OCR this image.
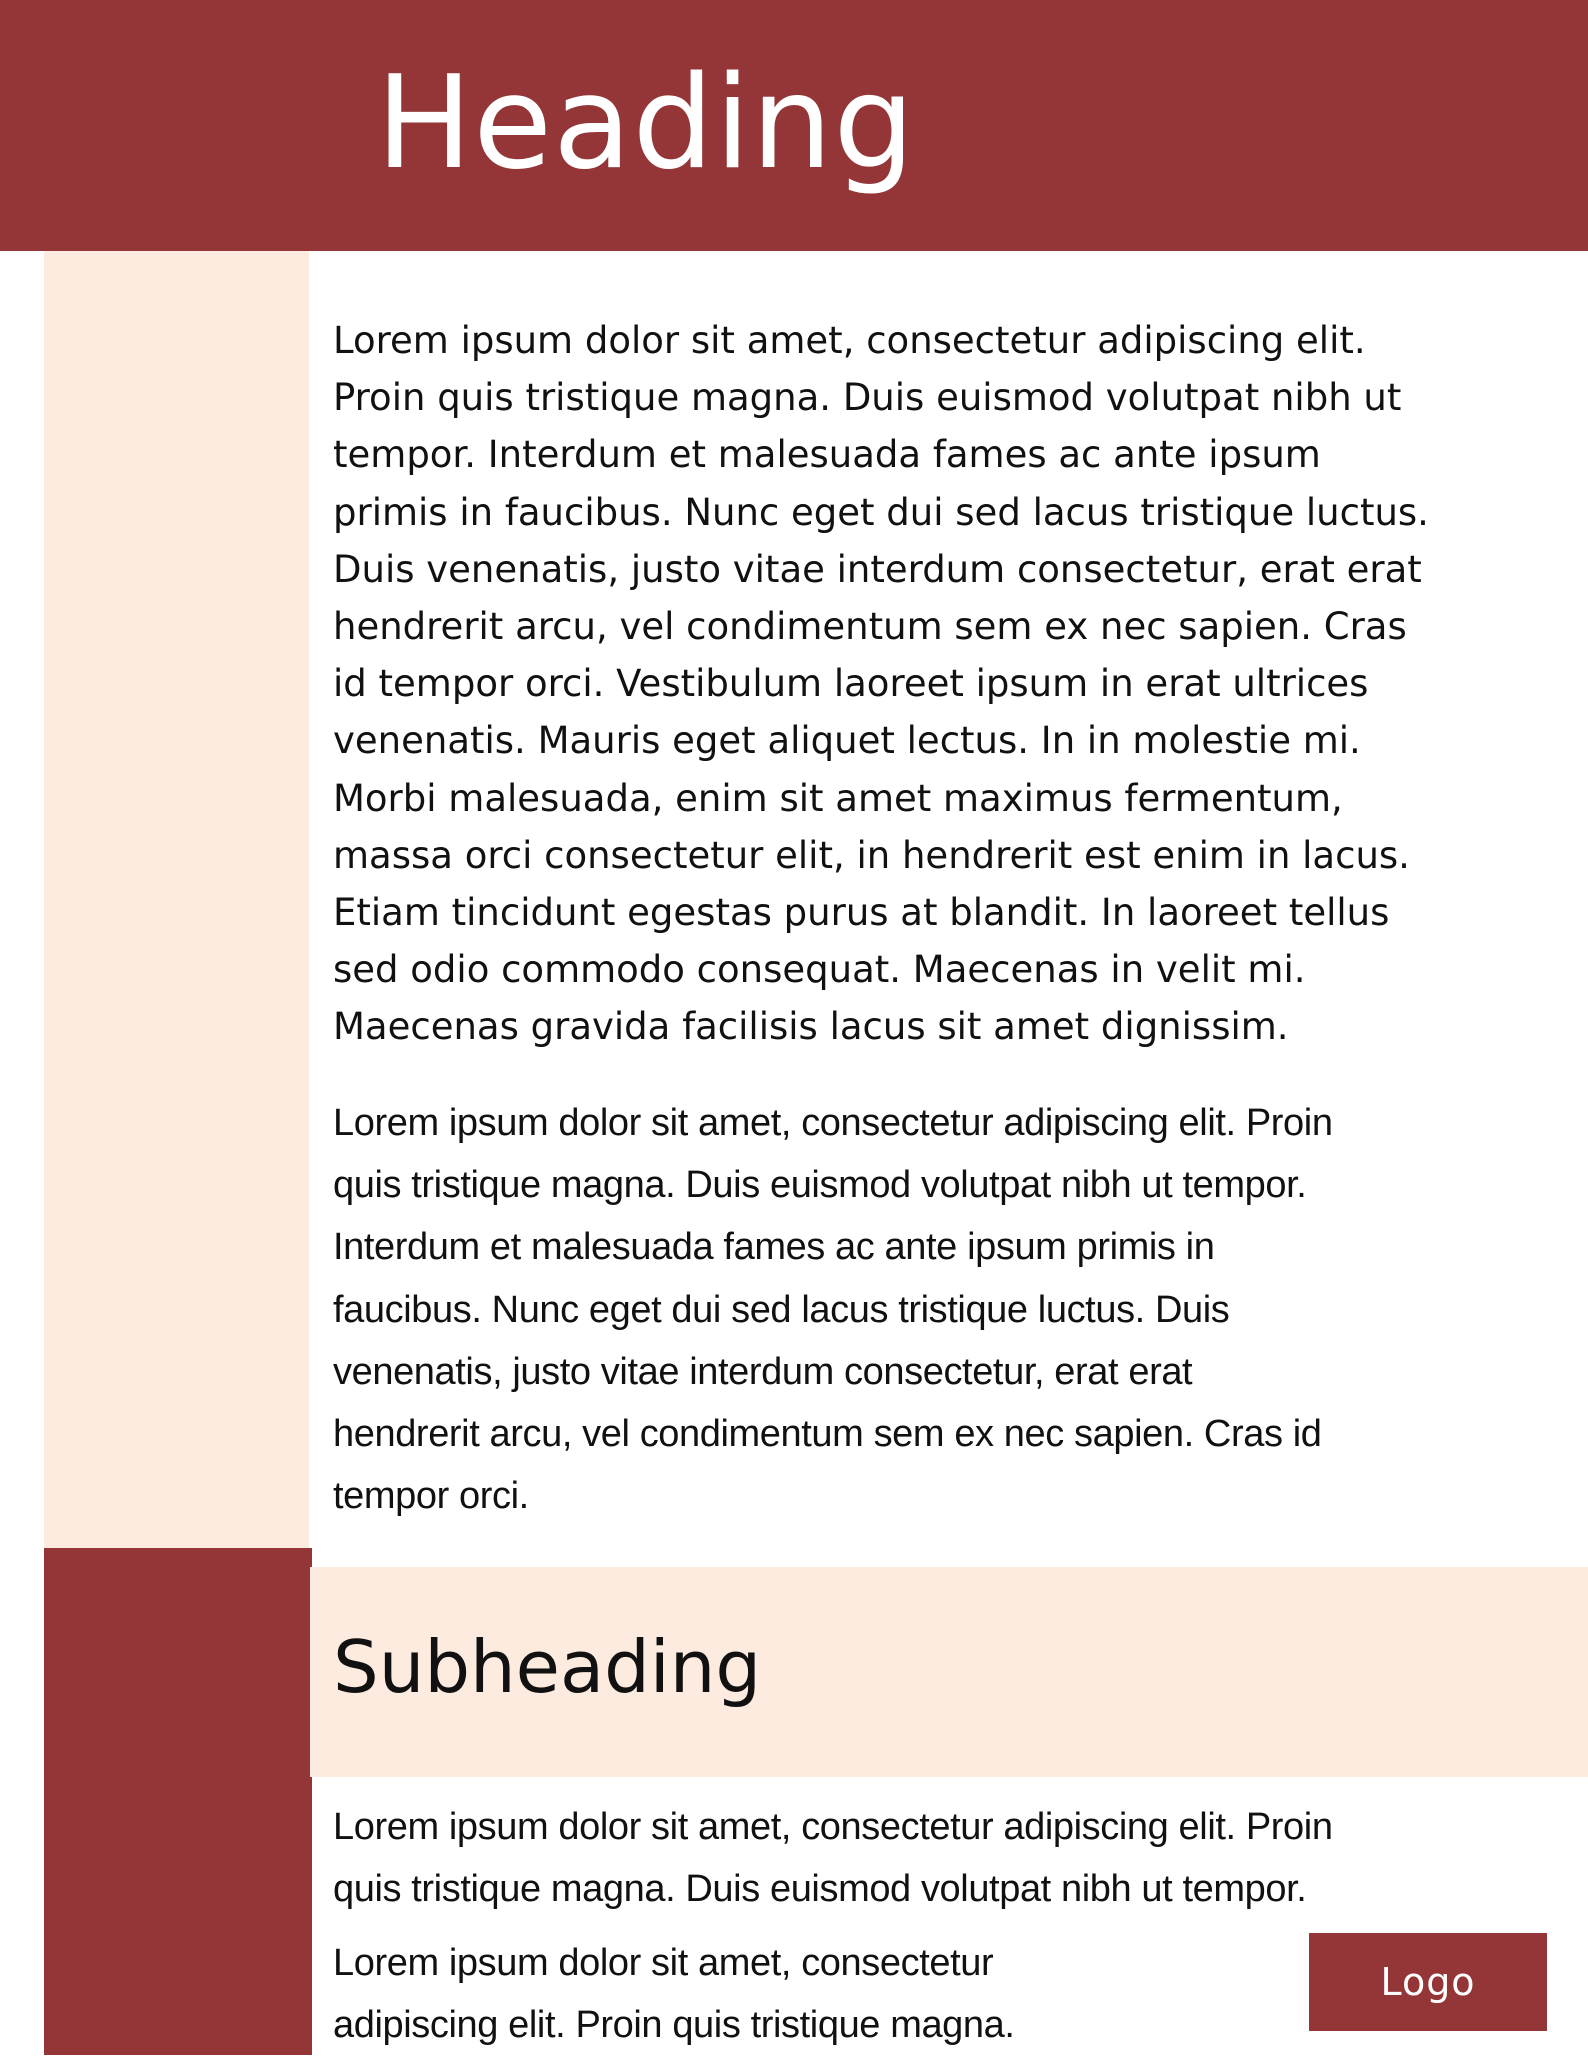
Heading

Lorem ipsum dolor sit amet, consectetur adipiscing elit.
Proin quis tristique magna. Duis euismod volutpat nibh ut
tempor. Interdum et malesuada fames ac ante ipsum
primis in faucibus. Nunc eget dui sed lacus tristique luctus.
Duis venenatis, justo vitae interdum consectetur, erat erat
hendrerit arcu, vel condimentum sem ex nec sapien. Cras
id tempor orci. Vestibulum laoreet ipsum in erat ultrices
venenatis. Mauris eget aliquet lectus. In in molestie mi.
Morbi malesuada, enim sit amet maximus fermentum,
massa orci consectetur elit, in hendrerit est enim in lacus.
Etiam tincidunt egestas purus at blandit. In laoreet tellus
sed odio commodo consequat. Maecenas in velit mi.
Maecenas gravida facilisis lacus sit amet dignissim.

Lorem ipsum dolor sit amet, consectetur adipiscing elit. Proin
quis tristique magna. Duis euismod volutpat nibh ut tempor.
Interdum et malesuada fames ac ante ipsum primis in
faucibus. Nunc eget dui sed lacus tristique luctus. Duis
venenatis, justo vitae interdum consectetur, erat erat
hendrerit arcu, vel condimentum sem ex nec sapien. Cras id
tempor orci.

Subheading

Lorem ipsum dolor sit amet, consectetur adipiscing elit. Proin
quis tristique magna. Duis euismod volutpat nibh ut tempor.

Lorem ipsum dolor sit amet, consectetur
adipiscing elit. Proin quis tristique magna.

Logo
